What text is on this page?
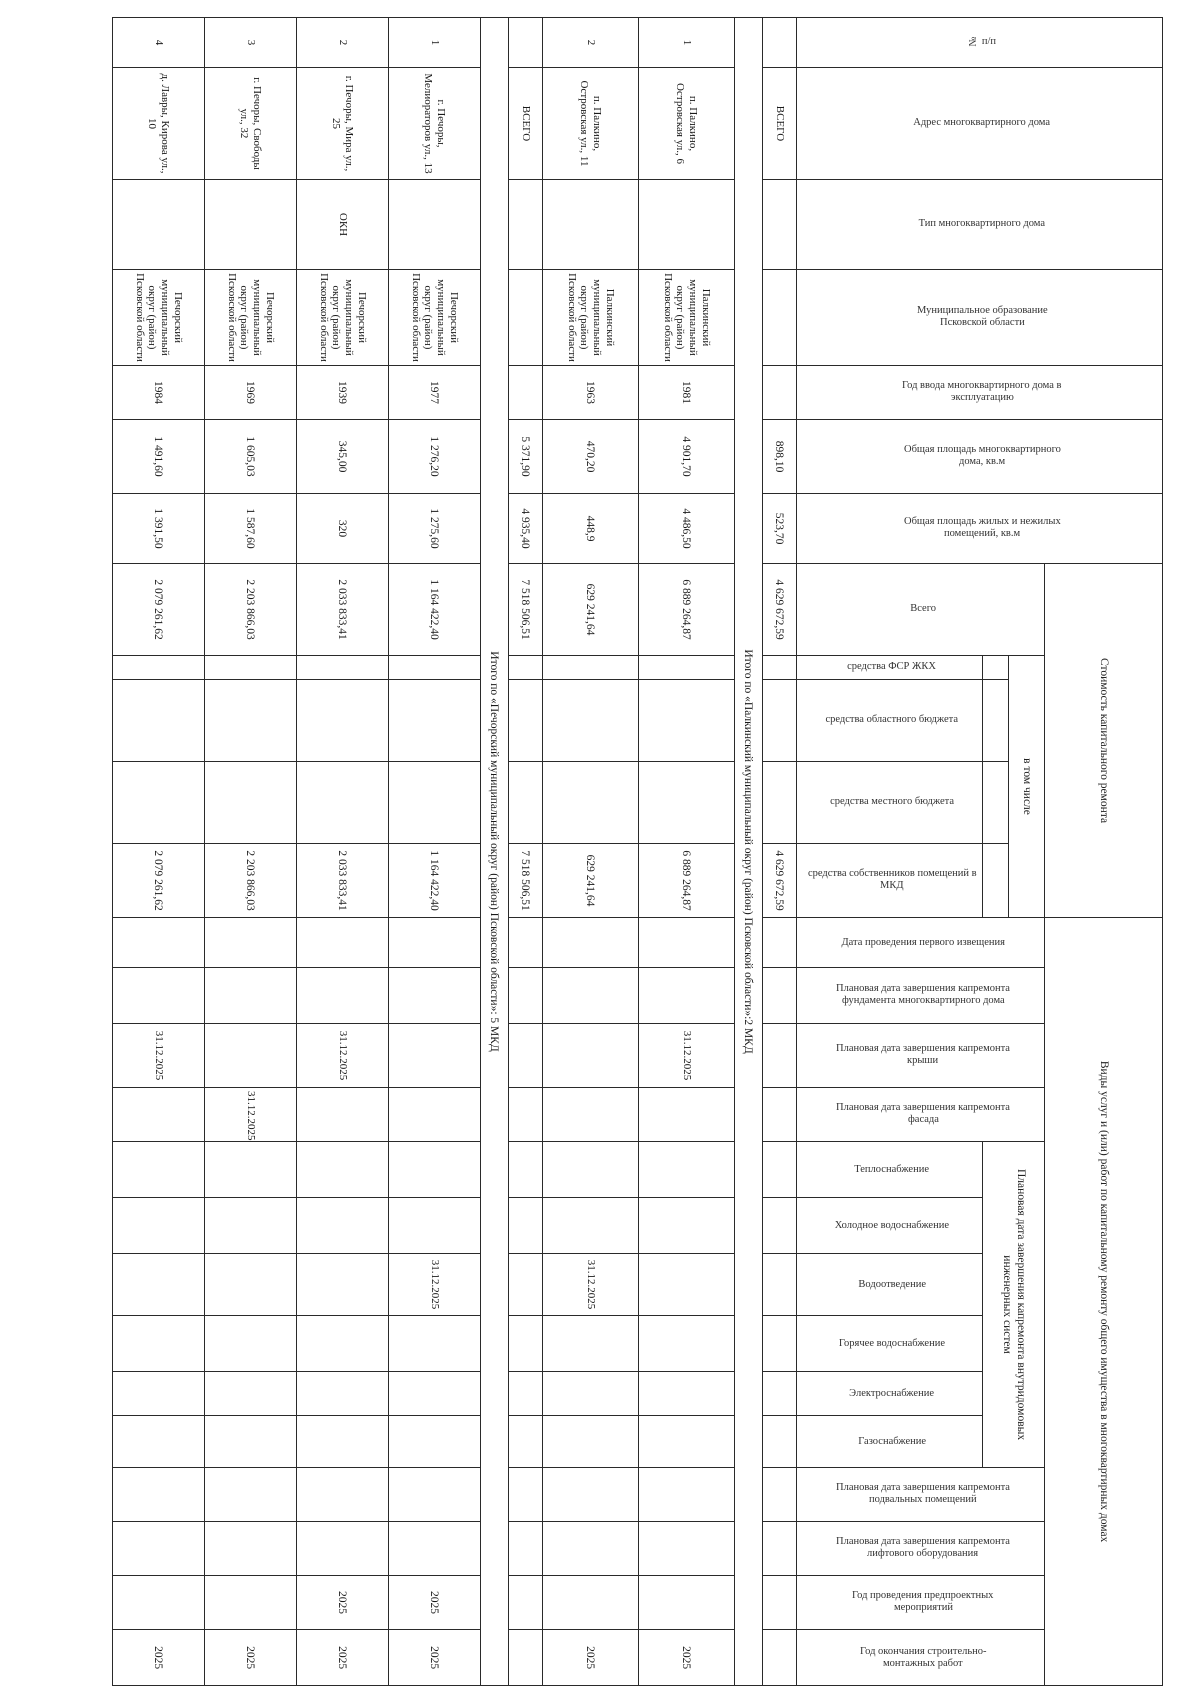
№ п/п	Адрес многоквартирного дома	Тип многоквартирного дома	Муниципальное образование Псковской области	Год ввода многоквартирного дома в эксплуатацию	Общая площадь многоквартирного дома, кв.м	Общая площадь жилых и нежилых помещений, кв.м	Стоимость капитального ремонта					Виды услуг и (или) работ по капитальному ремонту общего имущества в многоквартирных домах													
							Всего	в том числе				Дата проведения первого извещения	Плановая дата завершения капремонта фундамента многоквартирного дома	Плановая дата завершения капремонта крыши	Плановая дата завершения капремонта фасада	Плановая дата завершения капремонта внутридомовых инженерных систем						Плановая дата завершения капремонта подвальных помещений	Плановая дата завершения капремонта лифтового оборудования	Год проведения предпроектных мероприятий	Год окончания строительно-монтажных работ

								средства ФСР ЖКХ	средства областного бюджета	средства местного бюджета	средства собственников помещений в МКД					Теплоснабжение	Холодное водоснабжение	Водоотведение	Горячее водоснабжение	Электроснабжение	Газоснабжение				
	ВСЕГО				898,10	523,70	4 629 672,59				4 629 672,59														
Итого по «Палкинский муниципальный округ (район) Псковской области»:2 МКД																									
1	п. Палкино, Островская ул., 6		Палкинский муниципальный округ (район) Псковской области	1981	4 901,70	4 486,50	6 889 264,87				6 889 264,87			31.12.2025											2025
2	п. Палкино, Островская ул., 11		Палкинский муниципальный округ (район) Псковской области	1963	470,20	448,9	629 241,64				629 241,64							31.12.2025							2025
	ВСЕГО				5 371,90	4 935,40	7 518 506,51				7 518 506,51														
Итого по «Печорский муниципальный округ (район) Псковской области»: 5 МКД																									
1	г. Печоры, Мелиораторов ул., 13		Печорский муниципальный округ (район) Псковской области	1977	1 276,20	1 275,60	1 164 422,40				1 164 422,40							31.12.2025						2025	2025
2	г. Печоры, Мира ул., 25	ОКН	Печорский муниципальный округ (район) Псковской области	1939	345,00	320	2 033 833,41				2 033 833,41			31.12.2025										2025	2025
3	г. Печоры, Свободы ул., 32		Печорский муниципальный округ (район) Псковской области	1969	1 605,03	1 587,60	2 203 866,03				2 203 866,03				31.12.2025										2025
4	д. Лавры, Кирова ул., 10		Печорский муниципальный округ (район) Псковской области	1984	1 491,60	1 391,50	2 079 261,62				2 079 261,62			31.12.2025											2025
